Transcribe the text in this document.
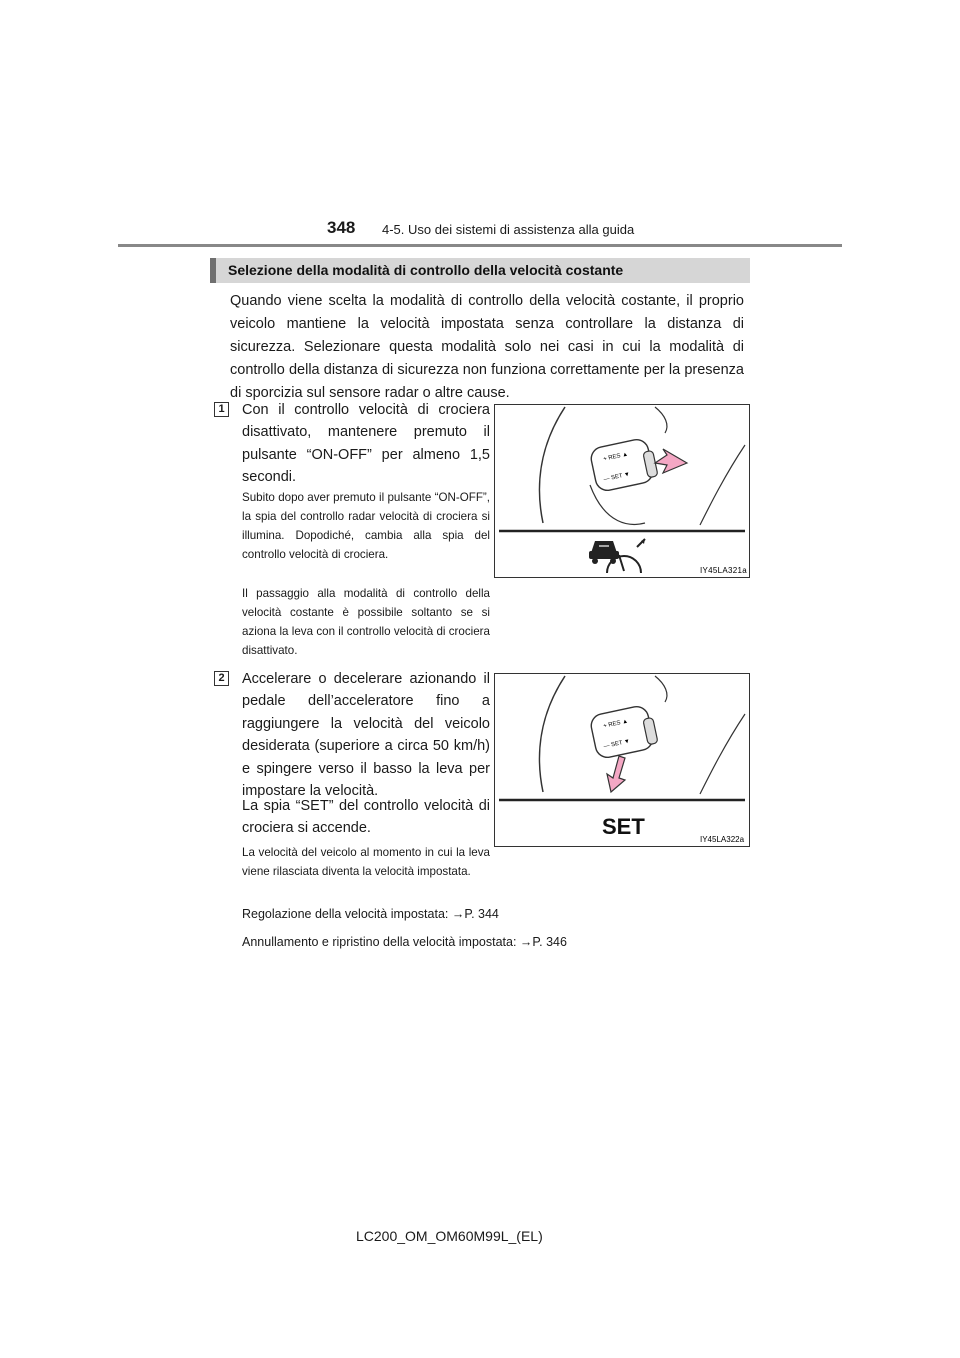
348 4-5. Uso dei sistemi di assistenza alla guida
Selezione della modalità di controllo della velocità costante
Quando viene scelta la modalità di controllo della velocità costante, il proprio veicolo mantiene la velocità impostata senza controllare la distanza di sicurezza. Selezionare questa modalità solo nei casi in cui la modalità di controllo della distanza di sicurezza non funziona correttamente per la presenza di sporcizia sul sensore radar o altre cause.
1	Con il controllo velocità di crociera disattivato, mantenere premuto il pulsante “ON-OFF” per almeno 1,5 secondi.
Subito dopo aver premuto il pulsante “ON-OFF”, la spia del controllo radar velocità di crociera si illumina. Dopodiché, cambia alla spia del controllo velocità di crociera.
Il passaggio alla modalità di controllo della velocità costante è possibile soltanto se si aziona la leva con il controllo velocità di crociera disattivato.
+ RES ▲
— SET ▼
IY45LA321a
2	Accelerare o decelerare azionando il pedale dell’acceleratore fino a raggiungere la velocità del veicolo desiderata (superiore a circa 50 km/h) e spingere verso il basso la leva per impostare la velocità.
La spia “SET” del controllo velocità di crociera si accende.
La velocità del veicolo al momento in cui la leva viene rilasciata diventa la velocità impostata.
+ RES ▲
— SET ▼
SET
IY45LA322a
Regolazione della velocità impostata: →P. 344
Annullamento e ripristino della velocità impostata: →P. 346
LC200_OM_OM60M99L_(EL)
